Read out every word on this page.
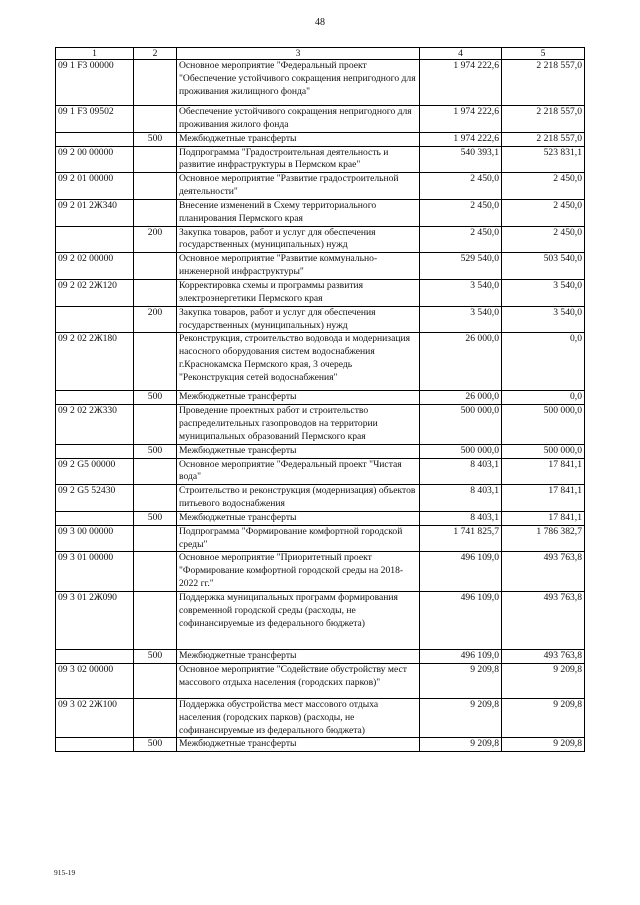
48
1	2	3	4	5
09 1 F3 00000		Основное мероприятие "Федеральный проект "Обеспечение устойчивого сокращения непригодного для проживания жилищного фонда"	1 974 222,6	2 218 557,0
09 1 F3 09502		Обеспечение устойчивого сокращения непригодного для проживания жилого фонда	1 974 222,6	2 218 557,0
	500	Межбюджетные трансферты	1 974 222,6	2 218 557,0
09 2 00 00000		Подпрограмма "Градостроительная деятельность и развитие инфраструктуры в Пермском крае"	540 393,1	523 831,1
09 2 01 00000		Основное мероприятие "Развитие градостроительной деятельности"	2 450,0	2 450,0
09 2 01 2Ж340		Внесение изменений в Схему территориального планирования Пермского края	2 450,0	2 450,0
	200	Закупка товаров, работ и услуг для обеспечения государственных (муниципальных) нужд	2 450,0	2 450,0
09 2 02 00000		Основное мероприятие "Развитие коммунально-инженерной инфраструктуры"	529 540,0	503 540,0
09 2 02 2Ж120		Корректировка схемы и программы развития электроэнергетики Пермского края	3 540,0	3 540,0
	200	Закупка товаров, работ и услуг для обеспечения государственных (муниципальных) нужд	3 540,0	3 540,0
09 2 02 2Ж180		Реконструкция, строительство водовода и модернизация насосного оборудования систем водоснабжения г.Краснокамска Пермского края, 3 очередь "Реконструкция сетей водоснабжения"	26 000,0	0,0
	500	Межбюджетные трансферты	26 000,0	0,0
09 2 02 2Ж330		Проведение проектных работ и строительство распределительных газопроводов на территории муниципальных образований Пермского края	500 000,0	500 000,0
	500	Межбюджетные трансферты	500 000,0	500 000,0
09 2 G5 00000		Основное мероприятие "Федеральный проект "Чистая вода"	8 403,1	17 841,1
09 2 G5 52430		Строительство и реконструкция (модернизация) объектов питьевого водоснабжения	8 403,1	17 841,1
	500	Межбюджетные трансферты	8 403,1	17 841,1
09 3 00 00000		Подпрограмма "Формирование комфортной городской среды"	1 741 825,7	1 786 382,7
09 3 01 00000		Основное мероприятие "Приоритетный проект "Формирование комфортной городской среды на 2018-2022 гг."	496 109,0	493 763,8
09 3 01 2Ж090		Поддержка муниципальных программ формирования современной городской среды (расходы, не софинансируемые из федерального бюджета)	496 109,0	493 763,8
	500	Межбюджетные трансферты	496 109,0	493 763,8
09 3 02 00000		Основное мероприятие "Содействие обустройству мест массового отдыха населения (городских парков)"	9 209,8	9 209,8
09 3 02 2Ж100		Поддержка обустройства мест массового отдыха населения (городских парков) (расходы, не софинансируемые из федерального бюджета)	9 209,8	9 209,8
	500	Межбюджетные трансферты	9 209,8	9 209,8
915-19
